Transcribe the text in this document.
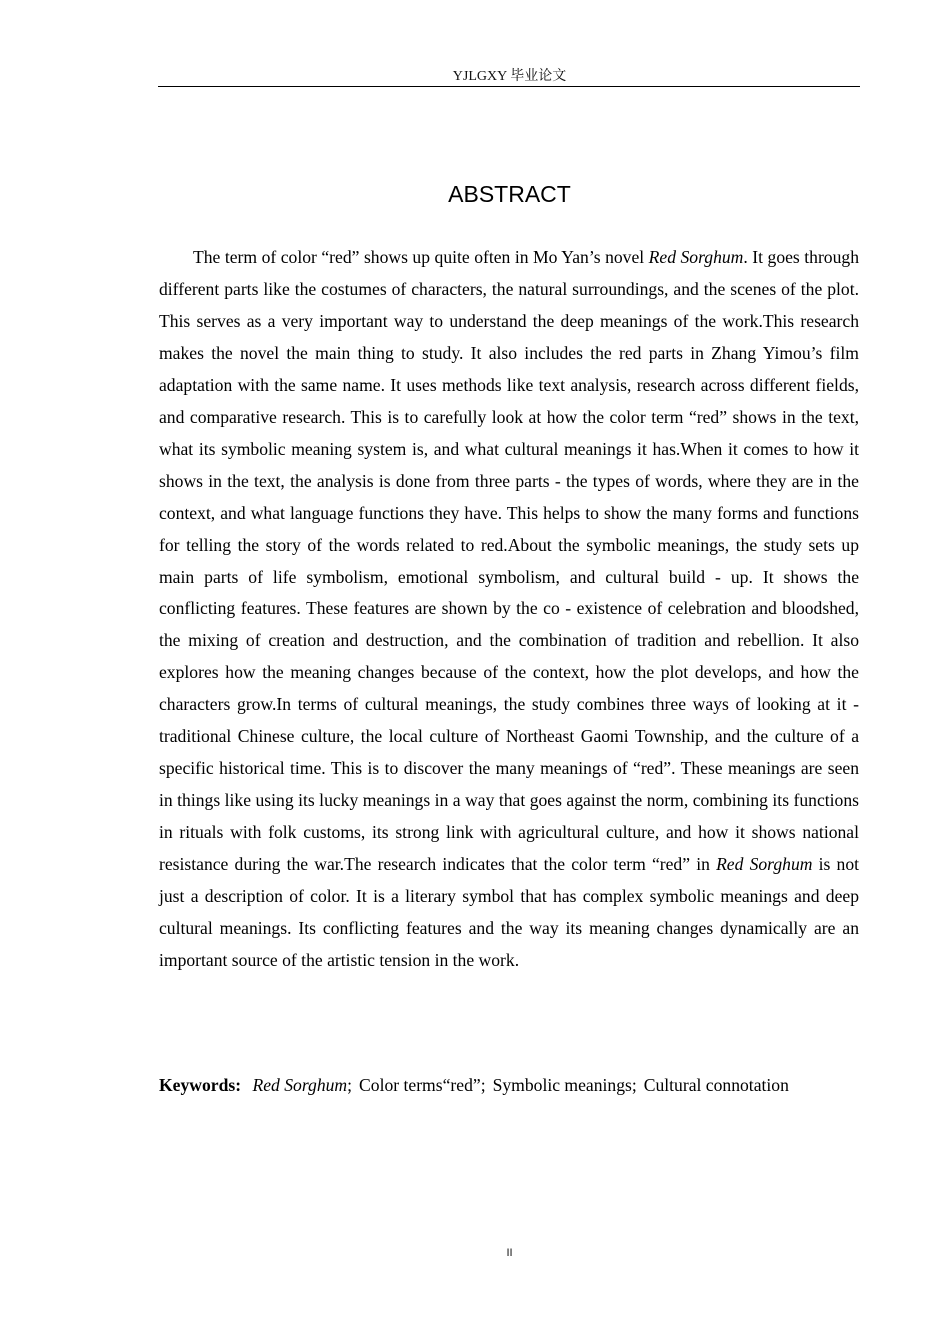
YJLGXY 毕业论文
ABSTRACT

The term of color “red” shows up quite often in Mo Yan’s novel Red Sorghum. It goes through different parts like the costumes of characters, the natural surroundings, and the scenes of the plot. This serves as a very important way to understand the deep meanings of the work.This research makes the novel the main thing to study. It also includes the red parts in Zhang Yimou’s film adaptation with the same name. It uses methods like text analysis, research across different fields, and comparative research. This is to carefully look at how the color term “red” shows in the text, what its symbolic meaning system is, and what cultural meanings it has.When it comes to how it shows in the text, the analysis is done from three parts - the types of words, where they are in the context, and what language functions they have. This helps to show the many forms and functions for telling the story of the words related to red.About the symbolic meanings, the study sets up main parts of life symbolism, emotional symbolism, and cultural build - up. It shows the conflicting features. These features are shown by the co - existence of celebration and bloodshed, the mixing of creation and destruction, and the combination of tradition and rebellion. It also explores how the meaning changes because of the context, how the plot develops, and how the characters grow.In terms of cultural meanings, the study combines three ways of looking at it - traditional Chinese culture, the local culture of Northeast Gaomi Township, and the culture of a specific historical time. This is to discover the many meanings of “red”. These meanings are seen in things like using its lucky meanings in a way that goes against the norm, combining its functions in rituals with folk customs, its strong link with agricultural culture, and how it shows national resistance during the war.The research indicates that the color term “red” in Red Sorghum is not just a description of color. It is a literary symbol that has complex symbolic meanings and deep cultural meanings. Its conflicting features and the way its meaning changes dynamically are an important source of the artistic tension in the work.

Keywords: Red Sorghum; Color terms“red”; Symbolic meanings; Cultural connotation
II
